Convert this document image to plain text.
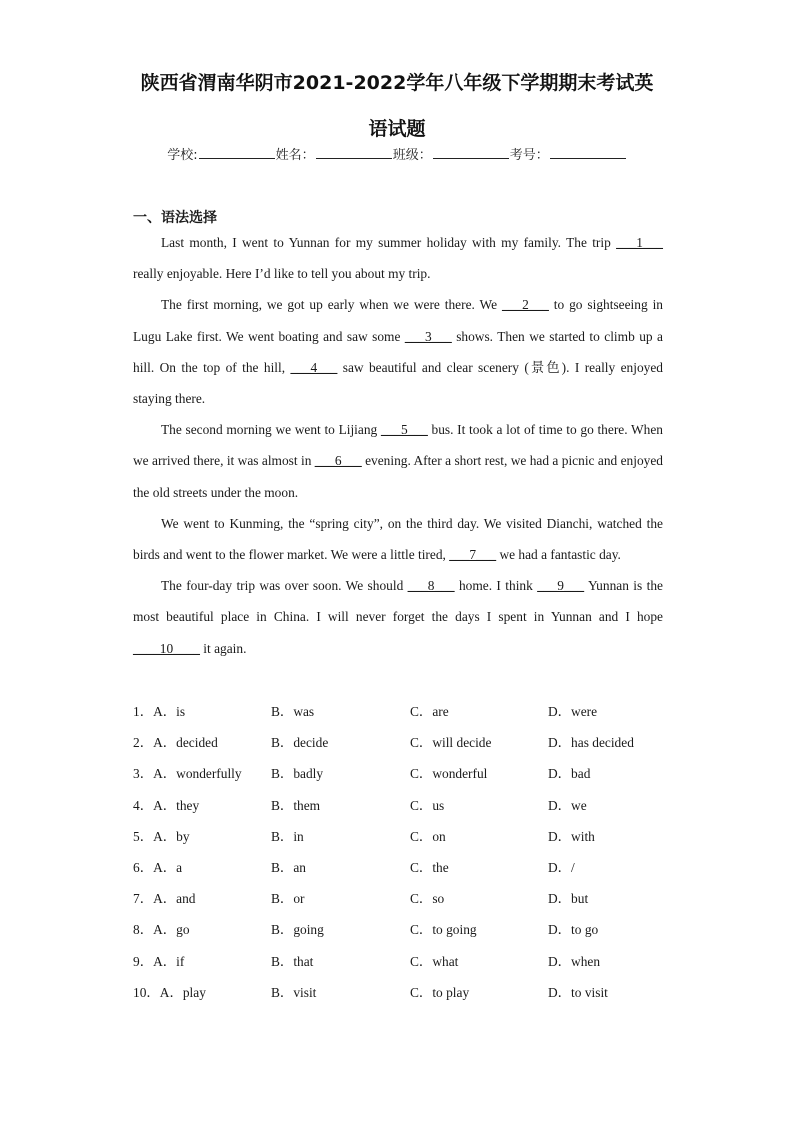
陕西省渭南华阴市2021-2022学年八年级下学期期末考试英
语试题
学校:	姓名：	班级：	考号：
一、语法选择

Last month, I went to Yunnan for my summer holiday with my family. The trip ___1___ really enjoyable. Here I’d like to tell you about my trip.

The first morning, we got up early when we were there. We ___2___ to go sightseeing in Lugu Lake first. We went boating and saw some ___3___ shows. Then we started to climb up a hill. On the top of the hill, ___4___ saw beautiful and clear scenery (景色). I really enjoyed staying there.

The second morning we went to Lijiang ___5___ bus. It took a lot of time to go there. When we arrived there, it was almost in ___6___ evening. After a short rest, we had a picnic and enjoyed the old streets under the moon.

We went to Kunming, the “spring city”, on the third day. We visited Dianchi, watched the birds and went to the flower market. We were a little tired, ___7___ we had a fantastic day.

The four-day trip was over soon. We should ___8___ home. I think ___9___ Yunnan is the most beautiful place in China. I will never forget the days I spent in Yunnan and I hope ____10____ it again.

1．A．is	B．was	C．are	D．were
2．A．decided	B．decide	C．will decide	D．has decided
3．A．wonderfully B．badly	C．wonderful	D．bad
4．A．they	B．them	C．us	D．we
5．A．by	B．in	C．on	D．with
6．A．a	B．an	C．the	D．/
7．A．and	B．or	C．so	D．but
8．A．go	B．going	C．to going	D．to go
9．A．if	B．that	C．what	D．when
10．A．play	B．visit	C．to play	D．to visit
